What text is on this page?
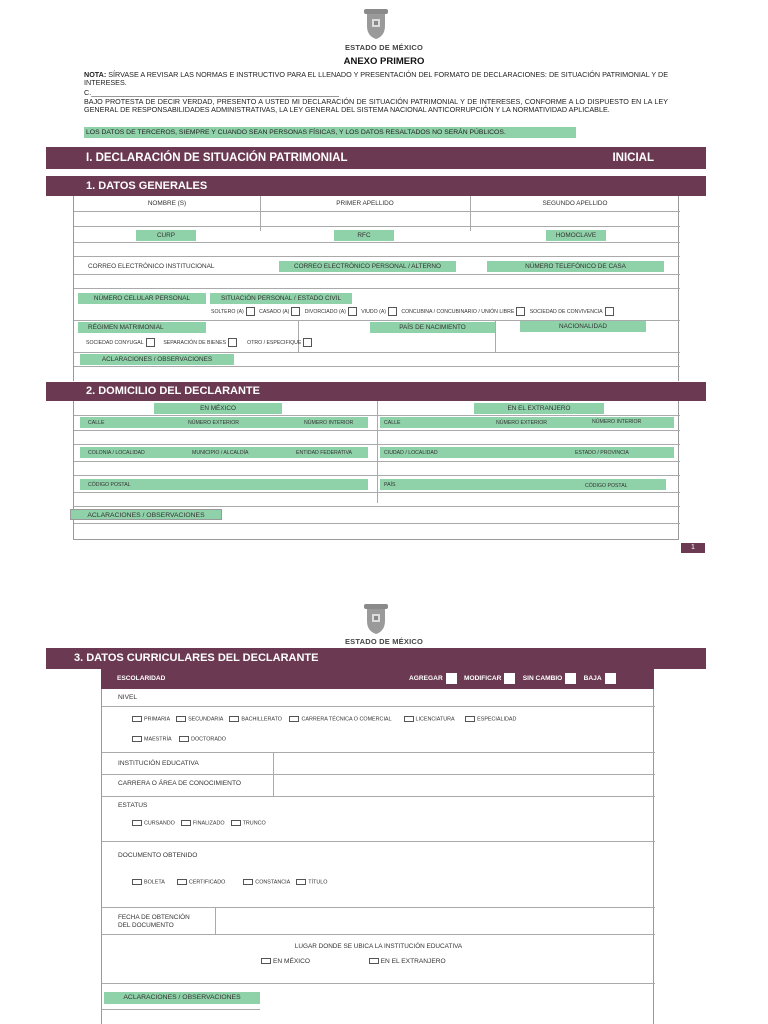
ESTADO DE MÉXICO
ANEXO PRIMERO
NOTA: SÍRVASE A REVISAR LAS NORMAS E INSTRUCTIVO PARA EL LLENADO Y PRESENTACIÓN DEL FORMATO DE DECLARACIONES: DE SITUACIÓN PATRIMONIAL Y DE INTERESES.
C.______________________________________________________________
BAJO PROTESTA DE DECIR VERDAD, PRESENTO A USTED MI DECLARACIÓN DE SITUACIÓN PATRIMONIAL Y DE INTERESES, CONFORME A LO DISPUESTO EN LA LEY GENERAL DE RESPONSABILIDADES ADMINISTRATIVAS, LA LEY GENERAL DEL SISTEMA NACIONAL ANTICORRUPCIÓN Y LA NORMATIVIDAD APLICABLE.
LOS DATOS DE TERCEROS, SIEMPRE Y CUANDO SEAN PERSONAS FÍSICAS, Y LOS DATOS RESALTADOS NO SERÁN PÚBLICOS.
I. DECLARACIÓN DE SITUACIÓN PATRIMONIAL	INICIAL
1. DATOS GENERALES
NOMBRE (S)	PRIMER APELLIDO	SEGUNDO APELLIDO
CURP	RFC	HOMOCLAVE
CORREO ELECTRÓNICO INSTITUCIONAL	CORREO ELECTRÓNICO PERSONAL / ALTERNO	NÚMERO TELEFÓNICO DE CASA
NÚMERO CELULAR PERSONAL	SITUACIÓN PERSONAL / ESTADO CIVIL
SOLTERO (A)	CASADO (A)	DIVORCIADO (A)	VIUDO (A)	CONCUBINA / CONCUBINARIO / UNIÓN LIBRE	SOCIEDAD DE CONVIVENCIA
RÉGIMEN MATRIMONIAL	PAÍS DE NACIMIENTO	NACIONALIDAD
SOCIEDAD CONYUGAL	SEPARACIÓN DE BIENES	OTRO / ESPECIFIQUE
ACLARACIONES / OBSERVACIONES
2. DOMICILIO DEL DECLARANTE
EN MÉXICO	EN EL EXTRANJERO
CALLE	NÚMERO EXTERIOR	NÚMERO INTERIOR	CALLE	NÚMERO EXTERIOR	NÚMERO INTERIOR
COLONIA / LOCALIDAD	MUNICIPIO / ALCALDÍA	ENTIDAD FEDERATIVA	CIUDAD / LOCALIDAD	ESTADO / PROVINCIA
CÓDIGO POSTAL	PAÍS	CÓDIGO POSTAL
ACLARACIONES / OBSERVACIONES
1
ESTADO DE MÉXICO
3. DATOS CURRICULARES DEL DECLARANTE
ESCOLARIDAD	AGREGAR	MODIFICAR	SIN CAMBIO	BAJA
NIVEL
PRIMARIA	SECUNDARIA	BACHILLERATO	CARRERA TÉCNICA O COMERCIAL	LICENCIATURA	ESPECIALIDAD
MAESTRÍA	DOCTORADO
INSTITUCIÓN EDUCATIVA
CARRERA O ÁREA DE CONOCIMIENTO
ESTATUS
CURSANDO	FINALIZADO	TRUNCO
DOCUMENTO OBTENIDO
BOLETA	CERTIFICADO	CONSTANCIA	TÍTULO
FECHA DE OBTENCIÓN
DEL DOCUMENTO
LUGAR DONDE SE UBICA LA INSTITUCIÓN EDUCATIVA
EN MÉXICO	EN EL EXTRANJERO
ACLARACIONES / OBSERVACIONES
